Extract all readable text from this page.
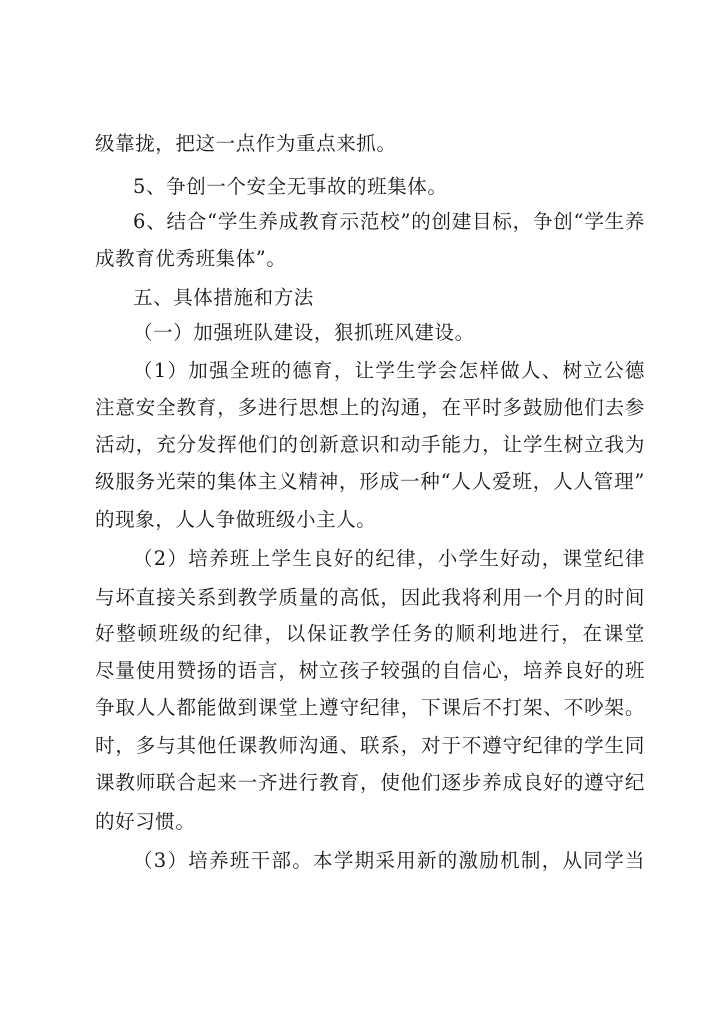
级靠拢，把这一点作为重点来抓。
5、争创一个安全无事故的班集体。
6、结合“学生养成教育示范校”的创建目标，争创“学生养
成教育优秀班集体”。
五、具体措施和方法
（一）加强班队建设，狠抓班风建设。
（1）加强全班的德育，让学生学会怎样做人、树立公德
注意安全教育，多进行思想上的沟通，在平时多鼓励他们去参
活动，充分发挥他们的创新意识和动手能力，让学生树立我为
级服务光荣的集体主义精神，形成一种“人人爱班，人人管理”
的现象，人人争做班级小主人。
（2）培养班上学生良好的纪律，小学生好动，课堂纪律
与坏直接关系到教学质量的高低，因此我将利用一个月的时间
好整顿班级的纪律，以保证教学任务的顺利地进行，在课堂
尽量使用赞扬的语言，树立孩子较强的自信心，培养良好的班
争取人人都能做到课堂上遵守纪律，下课后不打架、不吵架。
时，多与其他任课教师沟通、联系，对于不遵守纪律的学生同
课教师联合起来一齐进行教育，使他们逐步养成良好的遵守纪
的好习惯。
（3）培养班干部。本学期采用新的激励机制，从同学当
